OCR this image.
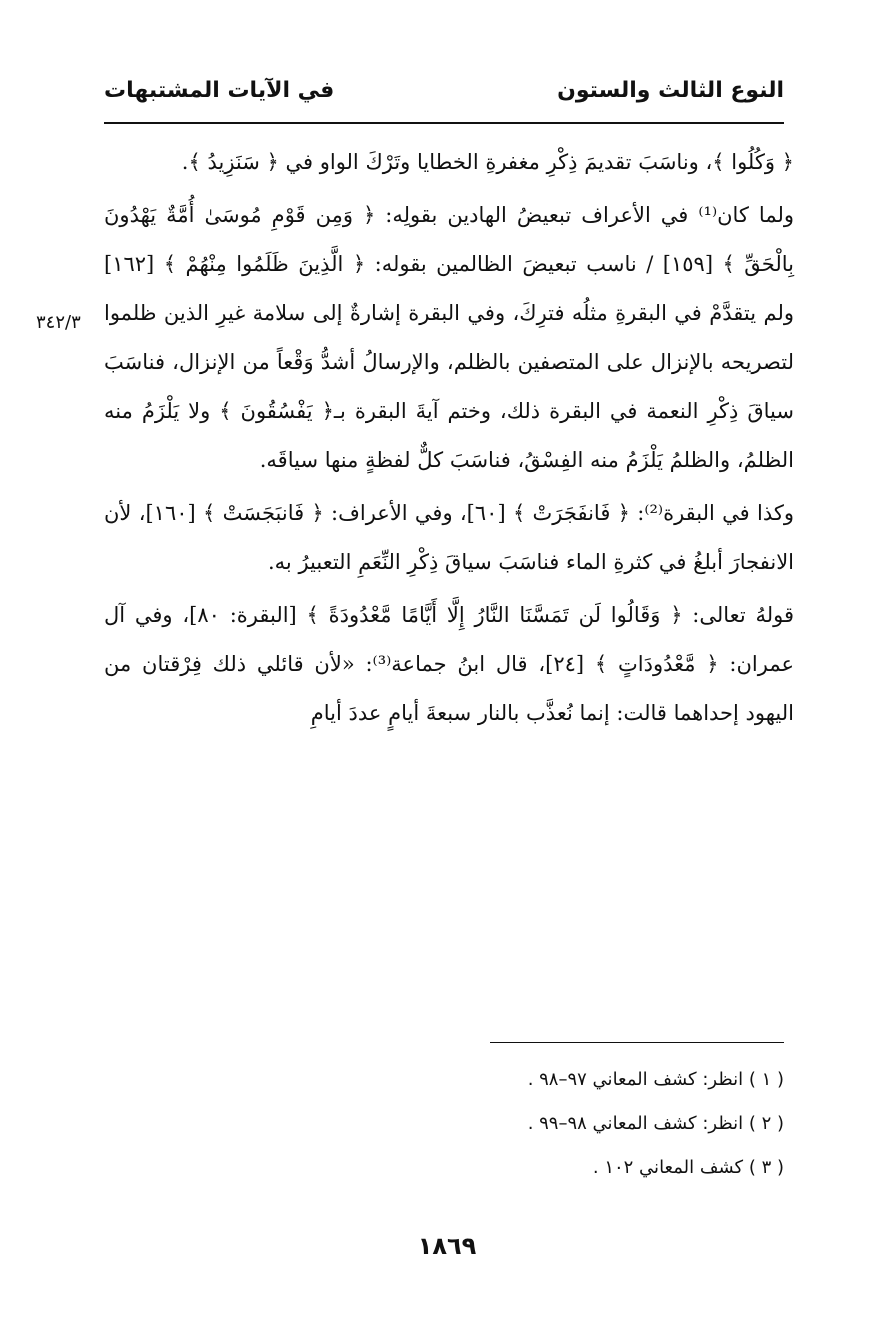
النوع الثالث والستون
في الآيات المشتبهات
٣٤٢/٣

﴿ وَكُلُوا ﴾، وناسَبَ تقديمَ ذِكْرِ مغفرةِ الخطايا وتَرْكَ الواو في ﴿ سَنَزِيدُ ﴾.

ولما كان⁽¹⁾ في الأعراف تبعيضُ الهادين بقولِه: ﴿ وَمِن قَوْمِ مُوسَىٰ أُمَّةٌ يَهْدُونَ بِالْحَقِّ ﴾ [١٥٩] / ناسب تبعيضَ الظالمين بقوله: ﴿ الَّذِينَ ظَلَمُوا مِنْهُمْ ﴾ [١٦٢] ولم يتقدَّمْ في البقرةِ مثلُه فترِكَ، وفي البقرة إشارةٌ إلى سلامة غيرِ الذين ظلموا لتصريحه بالإنزال على المتصفين بالظلم، والإرسالُ أشدُّ وَقْعاً من الإنزال، فناسَبَ سياقَ ذِكْرِ النعمة في البقرة ذلك، وختم آيةَ البقرة بـ﴿ يَفْسُقُونَ ﴾ ولا يَلْزَمُ منه الظلمُ، والظلمُ يَلْزَمُ منه الفِسْقُ، فناسَبَ كلٌّ لفظةٍ منها سياقَه.

وكذا في البقرة⁽²⁾: ﴿ فَانفَجَرَتْ ﴾ [٦٠]، وفي الأعراف: ﴿ فَانبَجَسَتْ ﴾ [١٦٠]، لأن الانفجارَ أبلغُ في كثرةِ الماء فناسَبَ سياقَ ذِكْرِ النِّعَمِ التعبيرُ به.

قولهُ تعالى: ﴿ وَقَالُوا لَن تَمَسَّنَا النَّارُ إِلَّا أَيَّامًا مَّعْدُودَةً ﴾ [البقرة: ٨٠]، وفي آل عمران: ﴿ مَّعْدُودَاتٍ ﴾ [٢٤]، قال ابنُ جماعة⁽³⁾: «لأن قائلي ذلك فِرْقتان من اليهود إحداهما قالت: إنما نُعذَّب بالنار سبعةَ أيامٍ عددَ أيامِ

( ١ ) انظر: كشف المعاني ٩٧–٩٨ .
( ٢ ) انظر: كشف المعاني ٩٨–٩٩ .
( ٣ ) كشف المعاني ١٠٢ .
١٨٦٩
